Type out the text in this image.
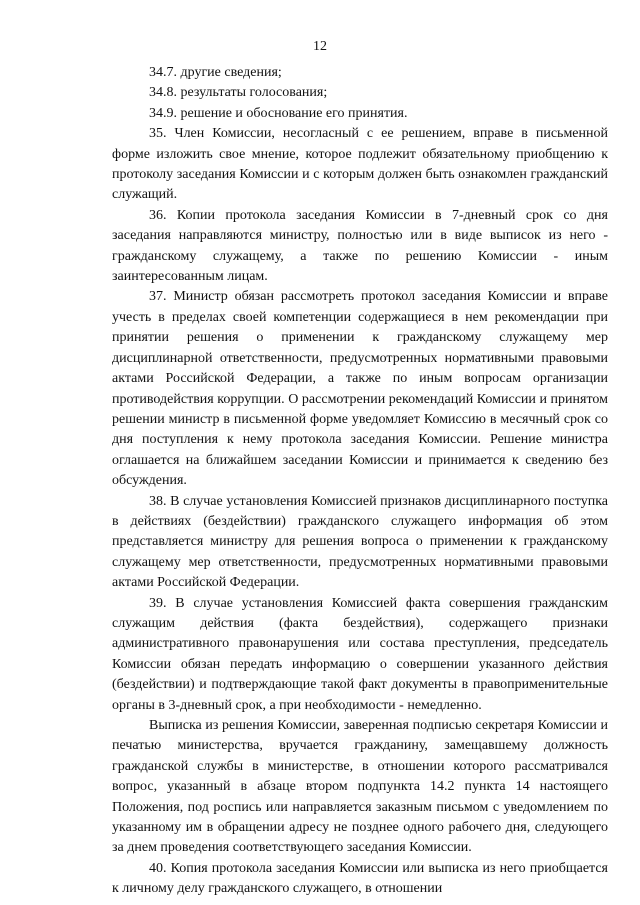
12

34.7. другие сведения;

34.8. результаты голосования;

34.9. решение и обоснование его принятия.

35. Член Комиссии, несогласный с ее решением, вправе в письменной форме изложить свое мнение, которое подлежит обязательному приобщению к протоколу заседания Комиссии и с которым должен быть ознакомлен гражданский служащий.

36. Копии протокола заседания Комиссии в 7-дневный срок со дня заседания направляются министру, полностью или в виде выписок из него - гражданскому служащему, а также по решению Комиссии - иным заинтересованным лицам.

37. Министр обязан рассмотреть протокол заседания Комиссии и вправе учесть в пределах своей компетенции содержащиеся в нем рекомендации при принятии решения о применении к гражданскому служащему мер дисциплинарной ответственности, предусмотренных нормативными правовыми актами Российской Федерации, а также по иным вопросам организации противодействия коррупции. О рассмотрении рекомендаций Комиссии и принятом решении министр в письменной форме уведомляет Комиссию в месячный срок со дня поступления к нему протокола заседания Комиссии. Решение министра оглашается на ближайшем заседании Комиссии и принимается к сведению без обсуждения.

38. В случае установления Комиссией признаков дисциплинарного поступка в действиях (бездействии) гражданского служащего информация об этом представляется министру для решения вопроса о применении к гражданскому служащему мер ответственности, предусмотренных нормативными правовыми актами Российской Федерации.

39. В случае установления Комиссией факта совершения гражданским служащим действия (факта бездействия), содержащего признаки административного правонарушения или состава преступления, председатель Комиссии обязан передать информацию о совершении указанного действия (бездействии) и подтверждающие такой факт документы в правоприменительные органы в 3-дневный срок, а при необходимости - немедленно.

Выписка из решения Комиссии, заверенная подписью секретаря Комиссии и печатью министерства, вручается гражданину, замещавшему должность гражданской службы в министерстве, в отношении которого рассматривался вопрос, указанный в абзаце втором подпункта 14.2 пункта 14 настоящего Положения, под роспись или направляется заказным письмом с уведомлением по указанному им в обращении адресу не позднее одного рабочего дня, следующего за днем проведения соответствующего заседания Комиссии.

40. Копия протокола заседания Комиссии или выписка из него приобщается к личному делу гражданского служащего, в отношении
